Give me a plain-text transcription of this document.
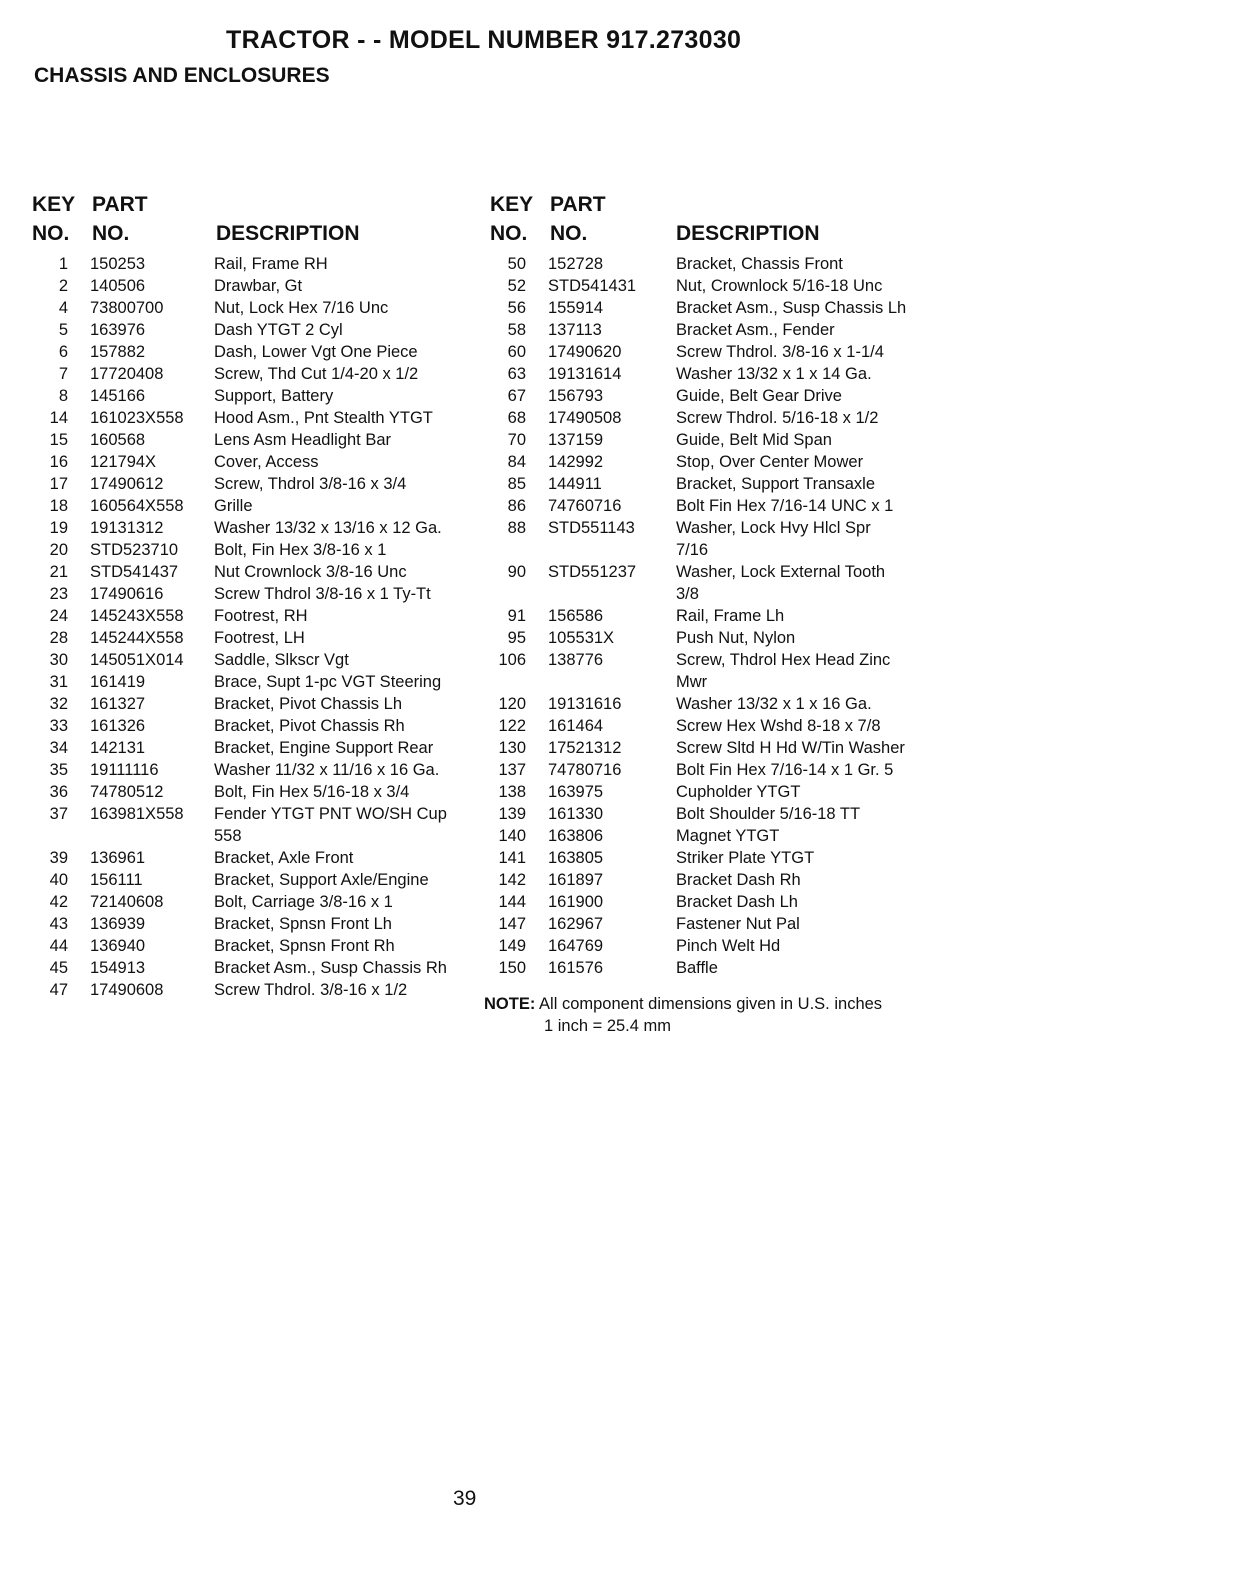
TRACTOR - - MODEL NUMBER 917.273030
CHASSIS AND ENCLOSURES
KEY PART
NO. NO.	DESCRIPTION
1 150253	Rail, Frame RH
2 140506	Drawbar, Gt
4 73800700	Nut, Lock Hex 7/16 Unc
5 163976	Dash YTGT 2 Cyl
6 157882	Dash, Lower Vgt One Piece
7 17720408	Screw, Thd Cut 1/4-20 x 1/2
8 145166	Support, Battery
14 161023X558 Hood Asm., Pnt Stealth YTGT
15 160568	Lens Asm Headlight Bar
16 121794X	Cover, Access
17 17490612	Screw, Thdrol 3/8-16 x 3/4
18 160564X558 Grille
19 19131312	Washer 13/32 x 13/16 x 12 Ga.
20 STD523710 Bolt, Fin Hex 3/8-16 x 1
21 STD541437 Nut Crownlock 3/8-16 Unc
23 17490616	Screw Thdrol 3/8-16 x 1 Ty-Tt
24 145243X558 Footrest, RH
28 145244X558 Footrest, LH
30 145051X014 Saddle, Slkscr Vgt
31 161419	Brace, Supt 1-pc VGT Steering
32 161327	Bracket, Pivot Chassis Lh
33 161326	Bracket, Pivot Chassis Rh
34 142131	Bracket, Engine Support Rear
35 19111116	Washer 11/32 x 11/16 x 16 Ga.
36 74780512	Bolt, Fin Hex 5/16-18 x 3/4
37 163981X558 Fender YTGT PNT WO/SH Cup
558
39 136961	Bracket, Axle Front
40 156111	Bracket, Support Axle/Engine
42 72140608	Bolt, Carriage 3/8-16 x 1
43 136939	Bracket, Spnsn Front Lh
44 136940	Bracket, Spnsn Front Rh
45 154913	Bracket Asm., Susp Chassis Rh
47 17490608	Screw Thdrol. 3/8-16 x 1/2
KEY PART
NO. NO.	DESCRIPTION
50 152728	Bracket, Chassis Front
52 STD541431 Nut, Crownlock 5/16-18 Unc
56 155914	Bracket Asm., Susp Chassis Lh
58 137113	Bracket Asm., Fender
60 17490620	Screw Thdrol. 3/8-16 x 1-1/4
63 19131614	Washer 13/32 x 1 x 14 Ga.
67 156793	Guide, Belt Gear Drive
68 17490508	Screw Thdrol. 5/16-18 x 1/2
70 137159	Guide, Belt Mid Span
84 142992	Stop, Over Center Mower
85 144911	Bracket, Support Transaxle
86 74760716	Bolt Fin Hex 7/16-14 UNC x 1
88 STD551143 Washer, Lock Hvy Hlcl Spr
7/16
90 STD551237 Washer, Lock External Tooth
3/8
91 156586	Rail, Frame Lh
95 105531X	Push Nut, Nylon
106 138776	Screw, Thdrol Hex Head Zinc
Mwr
120 19131616	Washer 13/32 x 1 x 16 Ga.
122 161464	Screw Hex Wshd 8-18 x 7/8
130 17521312	Screw Sltd H Hd W/Tin Washer
137 74780716	Bolt Fin Hex 7/16-14 x 1 Gr. 5
138 163975	Cupholder YTGT
139 161330	Bolt Shoulder 5/16-18 TT
140 163806	Magnet YTGT
141 163805	Striker Plate YTGT
142 161897	Bracket Dash Rh
144 161900	Bracket Dash Lh
147 162967	Fastener Nut Pal
149 164769	Pinch Welt Hd
150 161576	Baffle
NOTE: All component dimensions given in U.S. inches
1 inch = 25.4 mm
39
